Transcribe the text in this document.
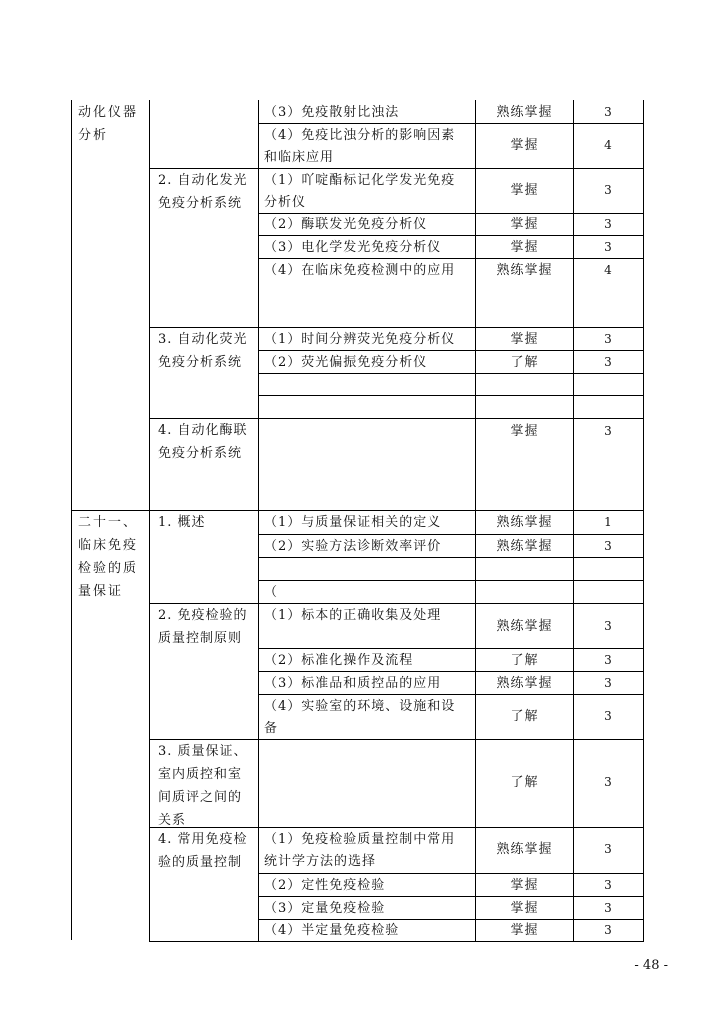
动化仪器
分析
二十一、
临床免疫
检验的质
量保证
2. 自动化发光
免疫分析系统
3. 自动化荧光
免疫分析系统
4. 自动化酶联
免疫分析系统
1. 概述
2. 免疫检验的
质量控制原则
3. 质量保证、
室内质控和室
间质评之间的
关系
4. 常用免疫检
验的质量控制
（3）免疫散射比浊法
（4）免疫比浊分析的影响因素
和临床应用
（1）吖啶酯标记化学发光免疫
分析仪
（2）酶联发光免疫分析仪
（3）电化学发光免疫分析仪
（4）在临床免疫检测中的应用
（1）时间分辨荧光免疫分析仪
（2）荧光偏振免疫分析仪
（1）与质量保证相关的定义
（2）实验方法诊断效率评价
（
（1）标本的正确收集及处理
（2）标准化操作及流程
（3）标准品和质控品的应用
（4）实验室的环境、设施和设
备
（1）免疫检验质量控制中常用
统计学方法的选择
（2）定性免疫检验
（3）定量免疫检验
（4）半定量免疫检验
熟练掌握
掌握
掌握
掌握
掌握
熟练掌握
掌握
了解
掌握
熟练掌握
熟练掌握
熟练掌握
了解
熟练掌握
了解
了解
熟练掌握
掌握
掌握
掌握
3
4
3
3
3
4
3
3
3
1
3
3
3
3
3
3
3
3
3
3
- 48 -
